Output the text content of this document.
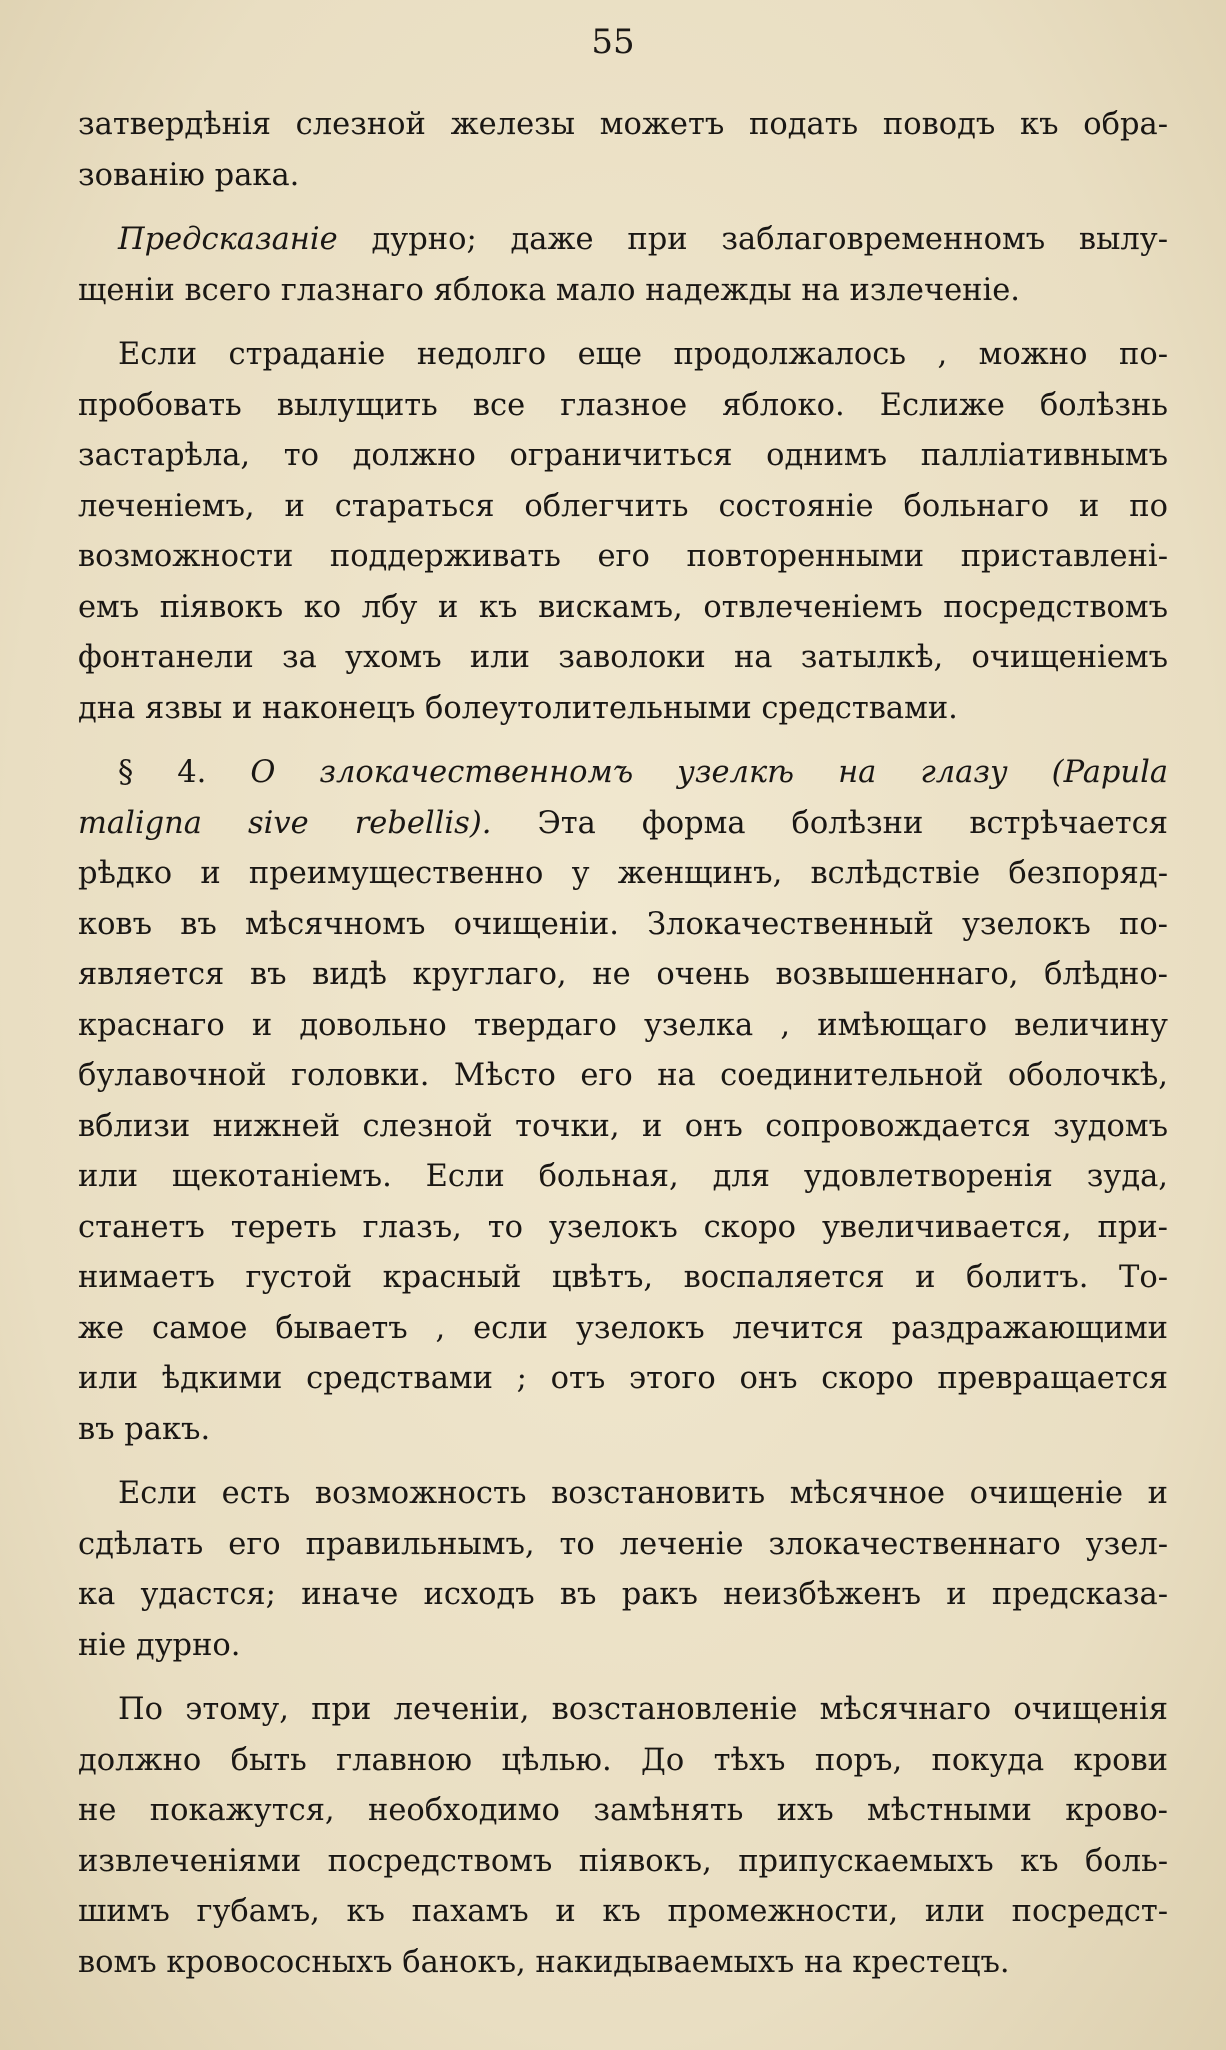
55
затвердѣнія слезной железы можетъ подать поводъ къ обра-
зованію рака.
Предсказаніе дурно; даже при заблаговременномъ вылу-
щеніи всего глазнаго яблока мало надежды на излеченіе.
Если страданіе недолго еще продолжалось , можно по-
пробовать вылущить все глазное яблоко. Еслиже болѣзнь
застарѣла, то должно ограничиться однимъ палліативнымъ
леченіемъ, и стараться облегчить состояніе больнаго и по
возможности поддерживать его повторенными приставлені-
емъ піявокъ ко лбу и къ вискамъ, отвлеченіемъ посредствомъ
фонтанели за ухомъ или заволоки на затылкѣ, очищеніемъ
дна язвы и наконецъ болеутолительными средствами.
§ 4. О злокачественномъ узелкѣ на глазу (Papula
maligna sive rebellis). Эта форма болѣзни встрѣчается
рѣдко и преимущественно у женщинъ, вслѣдствіе безпоряд-
ковъ въ мѣсячномъ очищеніи. Злокачественный узелокъ по-
является въ видѣ круглаго, не очень возвышеннаго, блѣдно-
краснаго и довольно твердаго узелка , имѣющаго величину
булавочной головки. Мѣсто его на соединительной оболочкѣ,
вблизи нижней слезной точки, и онъ сопровождается зудомъ
или щекотаніемъ. Если больная, для удовлетворенія зуда,
станетъ тереть глазъ, то узелокъ скоро увеличивается, при-
нимаетъ густой красный цвѣтъ, воспаляется и болитъ. То-
же самое бываетъ , если узелокъ лечится раздражающими
или ѣдкими средствами ; отъ этого онъ скоро превращается
въ ракъ.
Если есть возможность возстановить мѣсячное очищеніе и
сдѣлать его правильнымъ, то леченіе злокачественнаго узел-
ка удастся; иначе исходъ въ ракъ неизбѣженъ и предсказа-
ніе дурно.
По этому, при леченіи, возстановленіе мѣсячнаго очищенія
должно быть главною цѣлью. До тѣхъ поръ, покуда крови
не покажутся, необходимо замѣнять ихъ мѣстными крово-
извлеченіями посредствомъ піявокъ, припускаемыхъ къ боль-
шимъ губамъ, къ пахамъ и къ промежности, или посредст-
вомъ кровососныхъ банокъ, накидываемыхъ на крестецъ.
